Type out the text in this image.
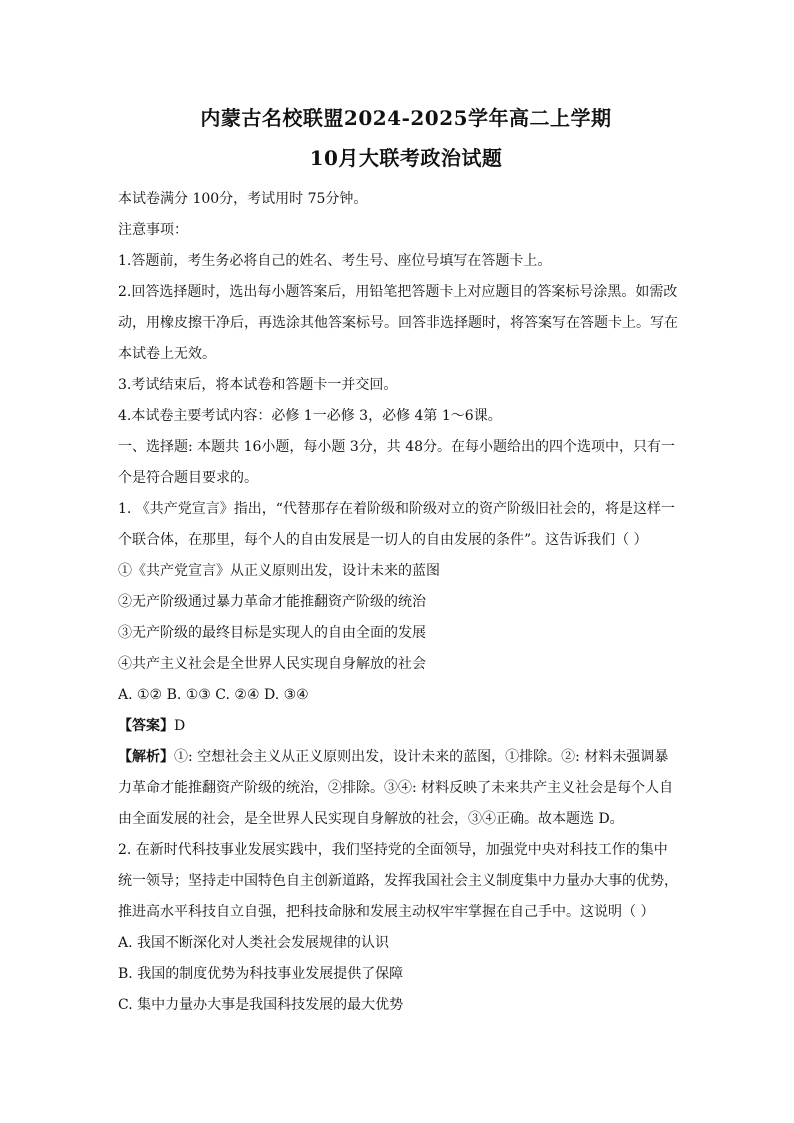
内蒙古名校联盟2024-2025学年高二上学期

10月大联考政治试题

本试卷满分 100分，考试用时 75分钟。

注意事项：

1.答题前，考生务必将自己的姓名、考生号、座位号填写在答题卡上。

2.回答选择题时，选出每小题答案后，用铅笔把答题卡上对应题目的答案标号涂黑。如需改

动，用橡皮擦干净后，再选涂其他答案标号。回答非选择题时，将答案写在答题卡上。写在

本试卷上无效。

3.考试结束后，将本试卷和答题卡一并交回。

4.本试卷主要考试内容：必修 1一必修 3，必修 4第 1～6课。

一、选择题: 本题共 16小题，每小题 3分，共 48分。在每小题给出的四个选项中，只有一

个是符合题目要求的。

1. 《共产党宣言》指出，“代替那存在着阶级和阶级对立的资产阶级旧社会的，将是这样一

个联合体，在那里，每个人的自由发展是一切人的自由发展的条件”。这告诉我们（ ）

①《共产党宣言》从正义原则出发，设计未来的蓝图

②无产阶级通过暴力革命才能推翻资产阶级的统治

③无产阶级的最终目标是实现人的自由全面的发展

④共产主义社会是全世界人民实现自身解放的社会

A. ①② B. ①③ C. ②④ D. ③④

【答案】D

【解析】①: 空想社会主义从正义原则出发，设计未来的蓝图，①排除。②: 材料未强调暴

力革命才能推翻资产阶级的统治，②排除。③④: 材料反映了未来共产主义社会是每个人自

由全面发展的社会，是全世界人民实现自身解放的社会，③④正确。故本题选 D。

2. 在新时代科技事业发展实践中，我们坚持党的全面领导，加强党中央对科技工作的集中

统一领导；坚持走中国特色自主创新道路，发挥我国社会主义制度集中力量办大事的优势，

推进高水平科技自立自强，把科技命脉和发展主动权牢牢掌握在自己手中。这说明（ ）

A. 我国不断深化对人类社会发展规律的认识

B. 我国的制度优势为科技事业发展提供了保障

C. 集中力量办大事是我国科技发展的最大优势
